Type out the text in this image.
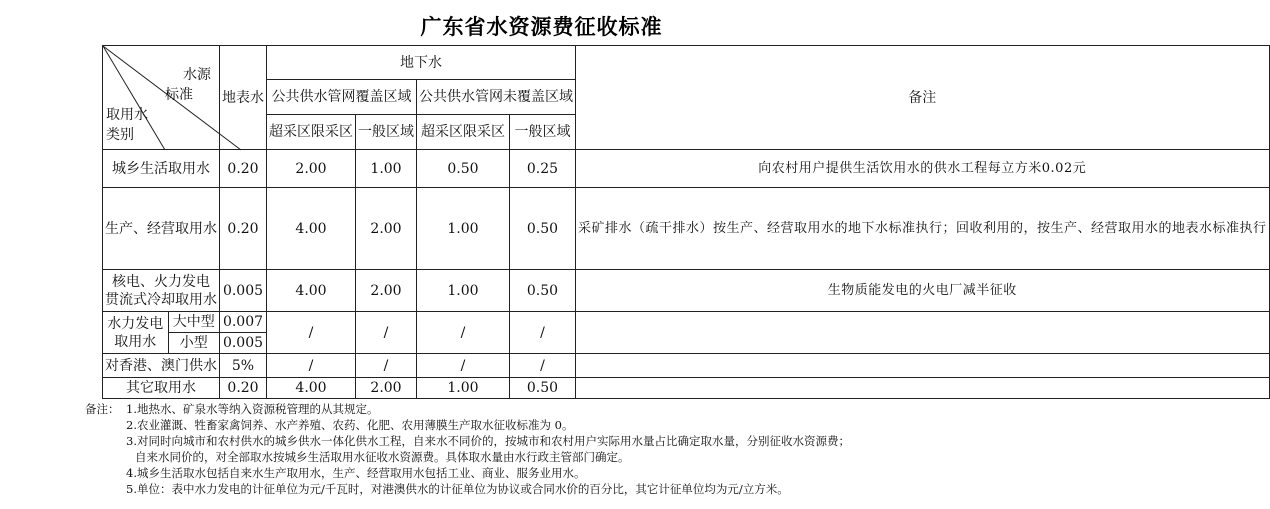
广东省水资源费征收标准
水源
标准
取用水
类别		地表水	地下水				备注
			公共供水管网覆盖区域		公共供水管网未覆盖区域		
			超采区限采区	一般区域	超采区限采区	一般区域	
城乡生活取用水		0.20	2.00	1.00	0.50	0.25	向农村用户提供生活饮用水的供水工程每立方米0.02元
生产、经营取用水		0.20	4.00	2.00	1.00	0.50	采矿排水（疏干排水）按生产、经营取用水的地下水标准执行；回收利用的，按生产、经营取用水的地表水标准执行

核电、火力发电
贯流式冷却取用水		0.005	4.00	2.00	1.00	0.50	生物质能发电的火电厂减半征收

水力发电
取用水	大中型	0.007	/	/	/	/	
	小型	0.005					
对香港、澳门供水		5%	/	/	/	/	
其它取用水		0.20	4.00	2.00	1.00	0.50	
备注： 1.地热水、矿泉水等纳入资源税管理的从其规定。
2.农业灌溉、牲畜家禽饲养、水产养殖、农药、化肥、农用薄膜生产取水征收标准为 0。
3.对同时向城市和农村供水的城乡供水一体化供水工程，自来水不同价的，按城市和农村用户实际用水量占比确定取水量，分别征收水资源费；
自来水同价的，对全部取水按城乡生活取用水征收水资源费。具体取水量由水行政主管部门确定。
4.城乡生活取水包括自来水生产取用水，生产、经营取用水包括工业、商业、服务业用水。
5.单位：表中水力发电的计征单位为元/千瓦时，对港澳供水的计征单位为协议或合同水价的百分比，其它计征单位均为元/立方米。
